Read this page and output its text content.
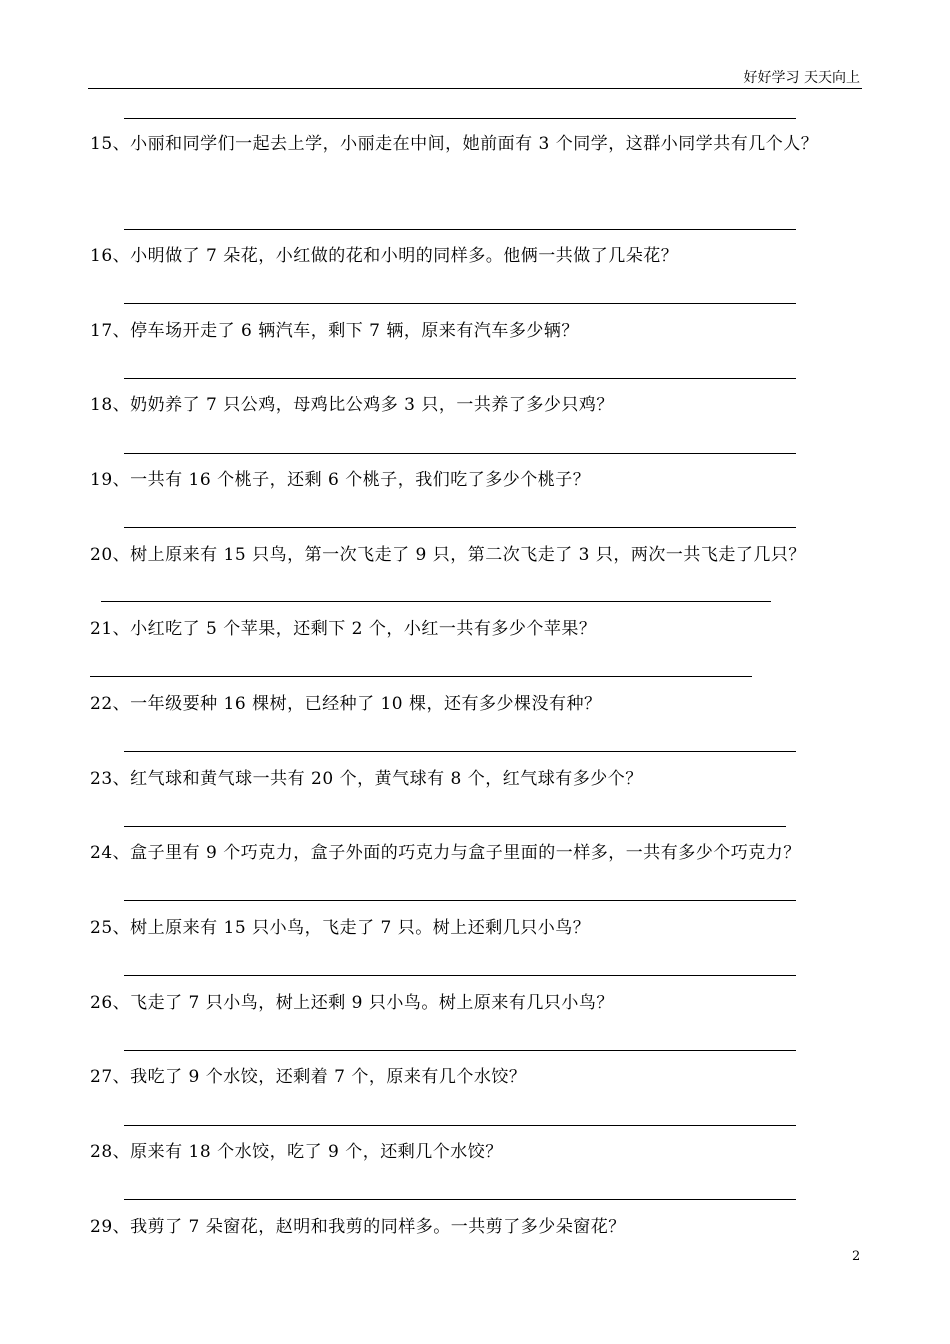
好好学习 天天向上
15、小丽和同学们一起去上学，小丽走在中间，她前面有 3 个同学，这群小同学共有几个人？
16、小明做了 7 朵花，小红做的花和小明的同样多。他俩一共做了几朵花？
17、停车场开走了 6 辆汽车，剩下 7 辆，原来有汽车多少辆？
18、奶奶养了 7 只公鸡，母鸡比公鸡多 3 只，一共养了多少只鸡？
19、一共有 16 个桃子，还剩 6 个桃子，我们吃了多少个桃子？
20、树上原来有 15 只鸟，第一次飞走了 9 只，第二次飞走了 3 只，两次一共飞走了几只？
21、小红吃了 5 个苹果，还剩下 2 个，小红一共有多少个苹果？
22、一年级要种 16 棵树，已经种了 10 棵，还有多少棵没有种？
23、红气球和黄气球一共有 20 个，黄气球有 8 个，红气球有多少个？
24、盒子里有 9 个巧克力，盒子外面的巧克力与盒子里面的一样多，一共有多少个巧克力？
25、树上原来有 15 只小鸟，飞走了 7 只。树上还剩几只小鸟？
26、飞走了 7 只小鸟，树上还剩 9 只小鸟。树上原来有几只小鸟？
27、我吃了 9 个水饺，还剩着 7 个，原来有几个水饺？
28、原来有 18 个水饺，吃了 9 个，还剩几个水饺？
29、我剪了 7 朵窗花，赵明和我剪的同样多。一共剪了多少朵窗花？
2
